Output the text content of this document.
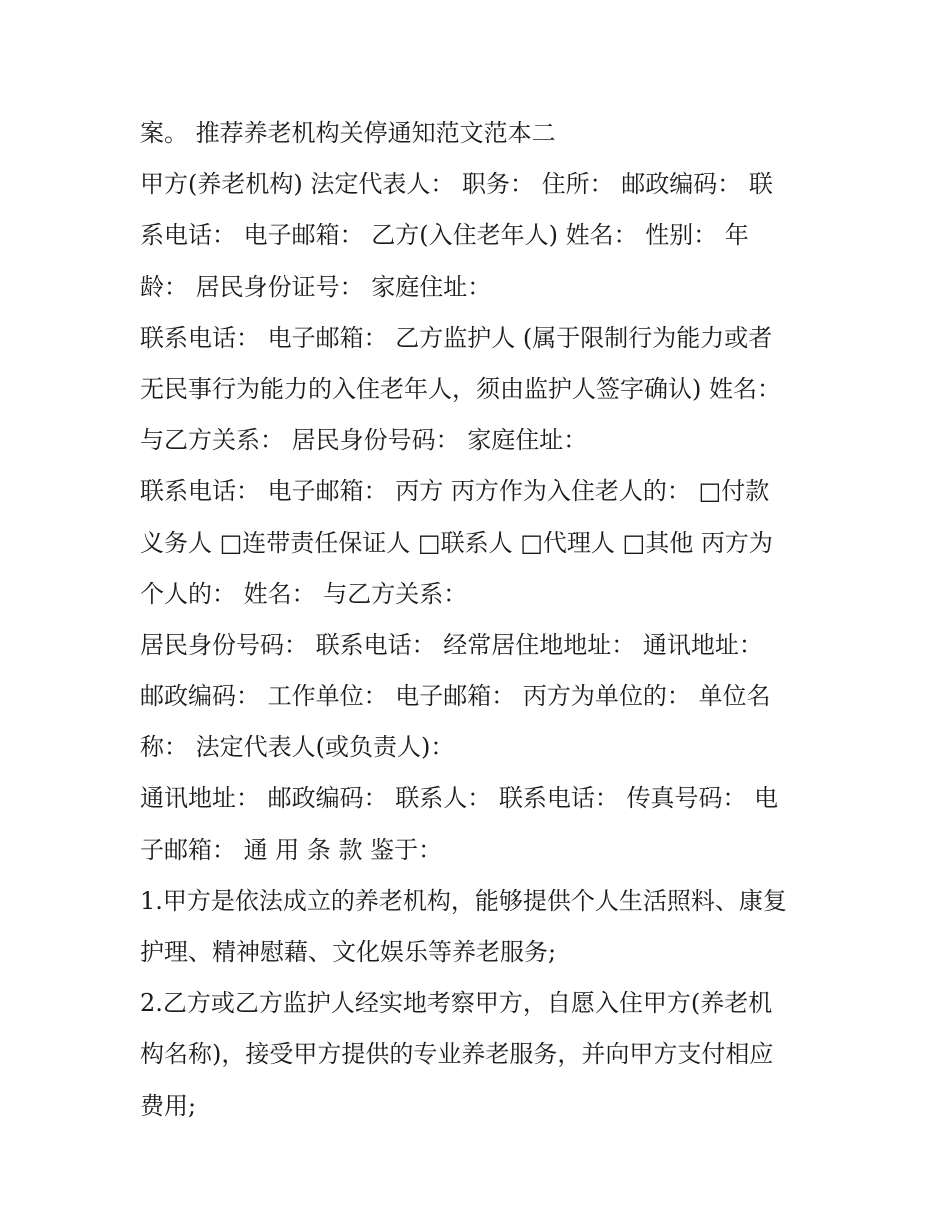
案。 推荐养老机构关停通知范文范本二
甲方(养老机构) 法定代表人： 职务： 住所： 邮政编码： 联
系电话： 电子邮箱： 乙方(入住老年人) 姓名： 性别： 年
龄： 居民身份证号： 家庭住址：
联系电话： 电子邮箱： 乙方监护人 (属于限制行为能力或者
无民事行为能力的入住老年人，须由监护人签字确认) 姓名：
与乙方关系： 居民身份号码： 家庭住址：
联系电话： 电子邮箱： 丙方 丙方作为入住老人的： □付款
义务人 □连带责任保证人 □联系人 □代理人 □其他 丙方为
个人的： 姓名： 与乙方关系：
居民身份号码： 联系电话： 经常居住地地址： 通讯地址：
邮政编码： 工作单位： 电子邮箱： 丙方为单位的： 单位名
称： 法定代表人(或负责人)：
通讯地址： 邮政编码： 联系人： 联系电话： 传真号码： 电
子邮箱： 通 用 条 款 鉴于：
1.甲方是依法成立的养老机构，能够提供个人生活照料、康复
护理、精神慰藉、文化娱乐等养老服务;
2.乙方或乙方监护人经实地考察甲方，自愿入住甲方(养老机
构名称)，接受甲方提供的专业养老服务，并向甲方支付相应
费用;
